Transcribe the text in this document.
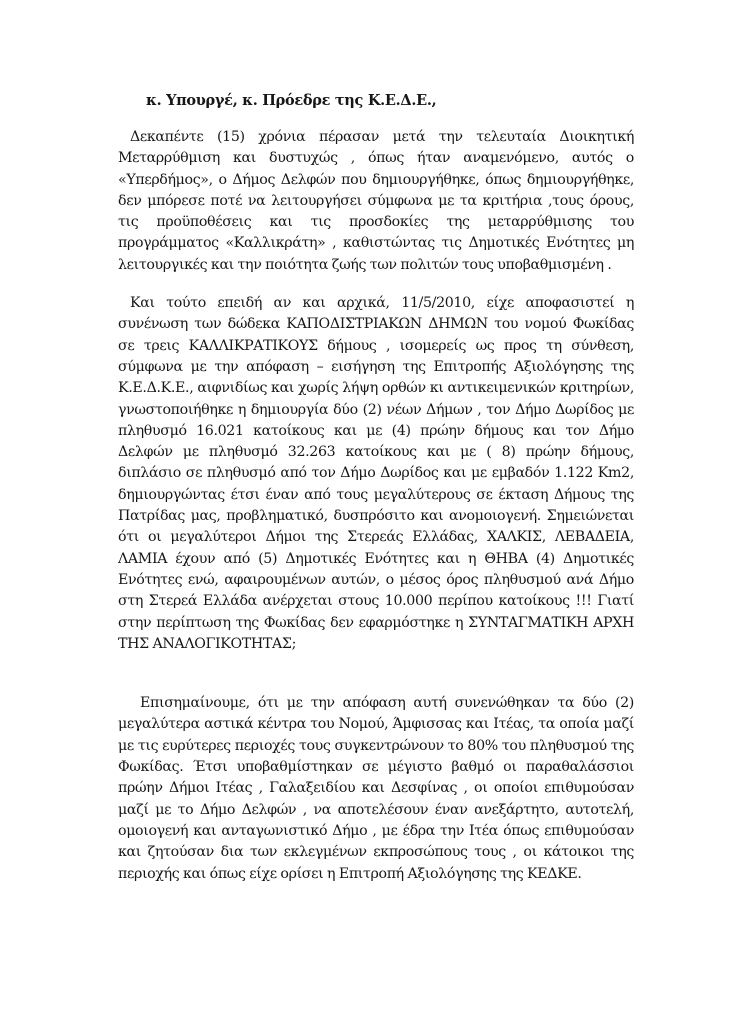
κ. Υπουργέ, κ. Πρόεδρε της Κ.Ε.Δ.Ε.,

Δεκαπέντε (15) χρόνια πέρασαν μετά την τελευταία Διοικητική Μεταρρύθμιση και δυστυχώς , όπως ήταν αναμενόμενο, αυτός ο «Υπερδήμος», ο Δήμος Δελφών που δημιουργήθηκε, όπως δημιουργήθηκε, δεν μπόρεσε ποτέ να λειτουργήσει σύμφωνα με τα κριτήρια ,τους όρους, τις προϋποθέσεις και τις προσδοκίες της μεταρρύθμισης του προγράμματος «Καλλικράτη» , καθιστώντας τις Δημοτικές Ενότητες μη λειτουργικές και την ποιότητα ζωής των πολιτών τους υποβαθμισμένη .

Και τούτο επειδή αν και αρχικά, 11/5/2010, είχε αποφασιστεί η συνένωση των δώδεκα ΚΑΠΟΔΙΣΤΡΙΑΚΩΝ ΔΗΜΩΝ του νομού Φωκίδας σε τρεις ΚΑΛΛΙΚΡΑΤΙΚΟΥΣ δήμους , ισομερείς ως προς τη σύνθεση, σύμφωνα με την απόφαση – εισήγηση της Επιτροπής Αξιολόγησης της Κ.Ε.Δ.Κ.Ε., αιφνιδίως και χωρίς λήψη ορθών κι αντικειμενικών κριτηρίων, γνωστοποιήθηκε η δημιουργία δύο (2) νέων Δήμων , τον Δήμο Δωρίδος με πληθυσμό 16.021 κατοίκους και με (4) πρώην δήμους και τον Δήμο Δελφών με πληθυσμό 32.263 κατοίκους και με ( 8) πρώην δήμους, διπλάσιο σε πληθυσμό από τον Δήμο Δωρίδος και με εμβαδόν 1.122 Km2, δημιουργώντας έτσι έναν από τους μεγαλύτερους σε έκταση Δήμους της Πατρίδας μας, προβληματικό, δυσπρόσιτο και ανομοιογενή. Σημειώνεται ότι οι μεγαλύτεροι Δήμοι της Στερεάς Ελλάδας, ΧΑΛΚΙΣ, ΛΕΒΑΔΕΙΑ, ΛΑΜΙΑ έχουν από (5) Δημοτικές Ενότητες και η ΘΗΒΑ (4) Δημοτικές Ενότητες ενώ, αφαιρουμένων αυτών, ο μέσος όρος πληθυσμού ανά Δήμο στη Στερεά Ελλάδα ανέρχεται στους 10.000 περίπου κατοίκους !!! Γιατί στην περίπτωση της Φωκίδας δεν εφαρμόστηκε η ΣΥΝΤΑΓΜΑΤΙΚΗ ΑΡΧΗ ΤΗΣ ΑΝΑΛΟΓΙΚΟΤΗΤΑΣ;

Επισημαίνουμε, ότι με την απόφαση αυτή συνενώθηκαν τα δύο (2) μεγαλύτερα αστικά κέντρα του Νομού, Άμφισσας και Ιτέας, τα οποία μαζί με τις ευρύτερες περιοχές τους συγκεντρώνουν το 80% του πληθυσμού της Φωκίδας. Έτσι υποβαθμίστηκαν σε μέγιστο βαθμό οι παραθαλάσσιοι πρώην Δήμοι Ιτέας , Γαλαξειδίου και Δεσφίνας , οι οποίοι επιθυμούσαν μαζί με το Δήμο Δελφών , να αποτελέσουν έναν ανεξάρτητο, αυτοτελή, ομοιογενή και ανταγωνιστικό Δήμο , με έδρα την Ιτέα όπως επιθυμούσαν και ζητούσαν δια των εκλεγμένων εκπροσώπους τους , οι κάτοικοι της περιοχής και όπως είχε ορίσει η Επιτροπή Αξιολόγησης της ΚΕΔΚΕ.
